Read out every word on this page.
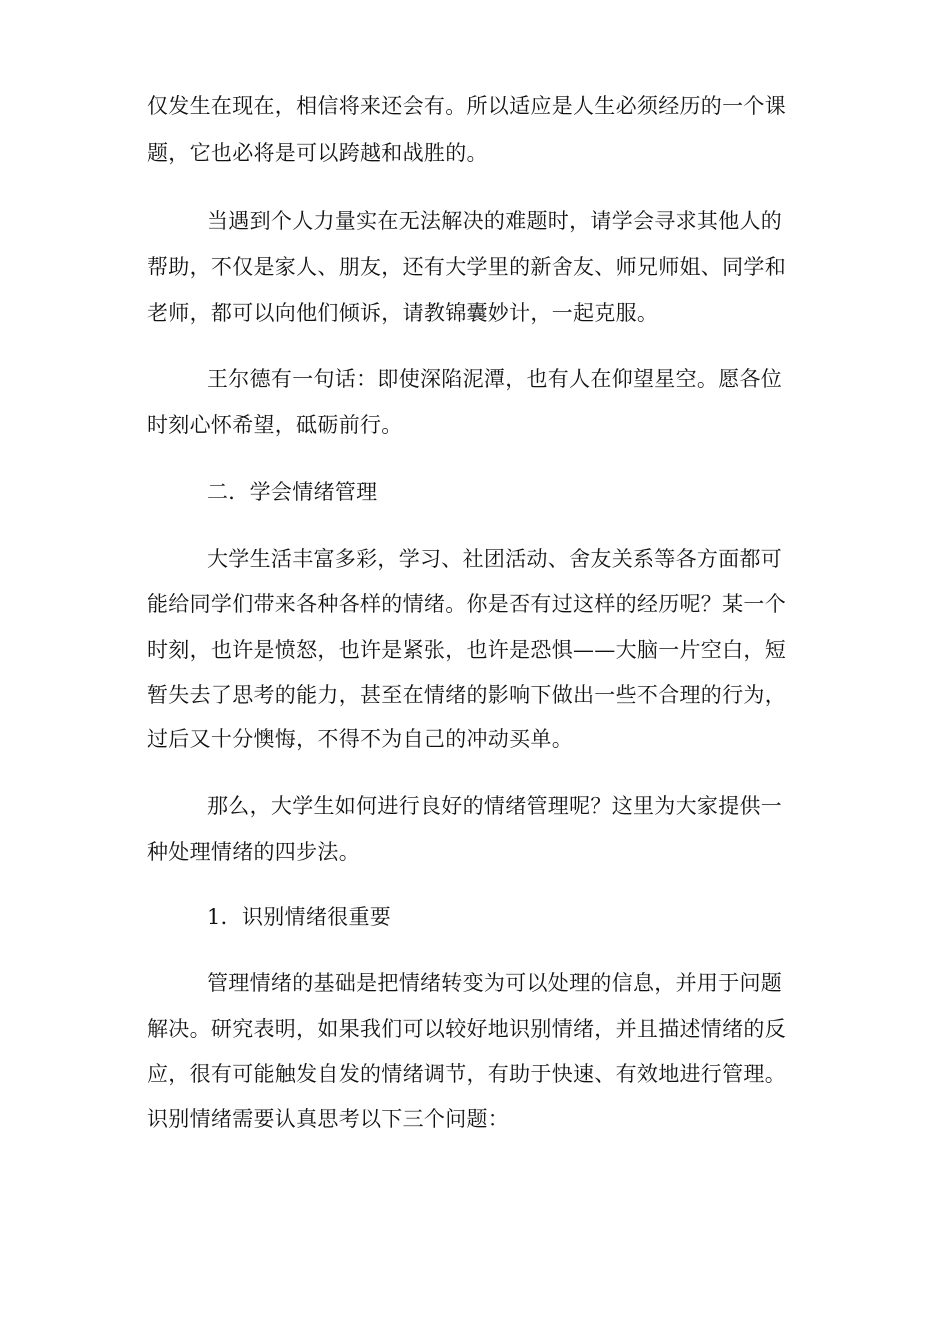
仅发生在现在，相信将来还会有。所以适应是人生必须经历的一个课
题，它也必将是可以跨越和战胜的。
当遇到个人力量实在无法解决的难题时，请学会寻求其他人的
帮助，不仅是家人、朋友，还有大学里的新舍友、师兄师姐、同学和
老师，都可以向他们倾诉，请教锦囊妙计，一起克服。
王尔德有一句话：即使深陷泥潭，也有人在仰望星空。愿各位
时刻心怀希望，砥砺前行。
二．学会情绪管理
大学生活丰富多彩，学习、社团活动、舍友关系等各方面都可
能给同学们带来各种各样的情绪。你是否有过这样的经历呢？某一个
时刻，也许是愤怒，也许是紧张，也许是恐惧——大脑一片空白，短
暂失去了思考的能力，甚至在情绪的影响下做出一些不合理的行为，
过后又十分懊悔，不得不为自己的冲动买单。
那么，大学生如何进行良好的情绪管理呢？这里为大家提供一
种处理情绪的四步法。
1．识别情绪很重要
管理情绪的基础是把情绪转变为可以处理的信息，并用于问题
解决。研究表明，如果我们可以较好地识别情绪，并且描述情绪的反
应，很有可能触发自发的情绪调节，有助于快速、有效地进行管理。
识别情绪需要认真思考以下三个问题：
